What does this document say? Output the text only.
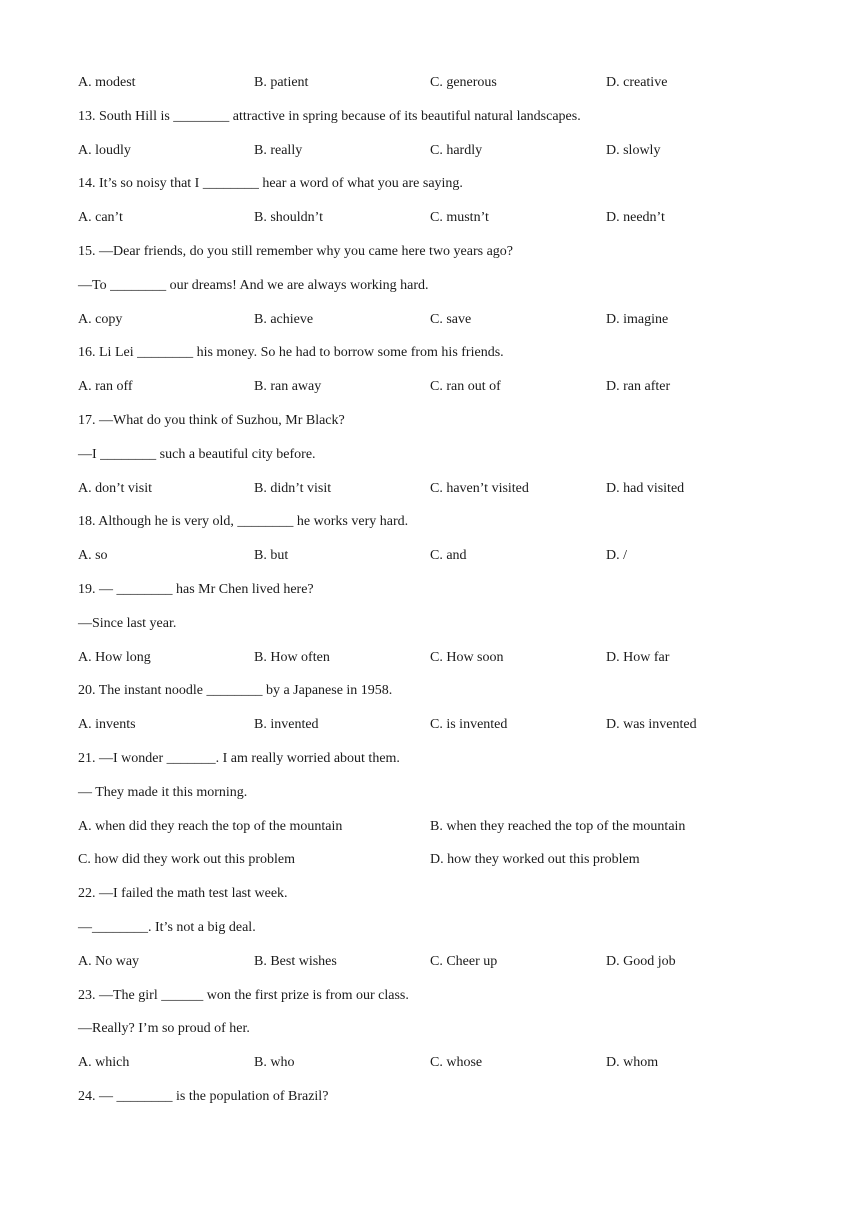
A. modest	B. patient	C. generous	D. creative
13. South Hill is ________ attractive in spring because of its beautiful natural landscapes.
A. loudly	B. really	C. hardly	D. slowly
14. It’s so noisy that I ________ hear a word of what you are saying.
A. can’t	B. shouldn’t	C. mustn’t	D. needn’t
15. —Dear friends, do you still remember why you came here two years ago?
—To ________ our dreams! And we are always working hard.
A. copy	B. achieve	C. save	D. imagine
16. Li Lei ________ his money. So he had to borrow some from his friends.
A. ran off	B. ran away	C. ran out of	D. ran after
17. —What do you think of Suzhou, Mr Black?
—I ________ such a beautiful city before.
A. don’t visit	B. didn’t visit	C. haven’t visited	D. had visited
18. Although he is very old, ________ he works very hard.
A. so	B. but	C. and	D. /
19. — ________ has Mr Chen lived here?
—Since last year.
A. How long	B. How often	C. How soon	D. How far
20. The instant noodle ________ by a Japanese in 1958.
A. invents	B. invented	C. is invented	D. was invented
21. —I wonder _______. I am really worried about them.
— They made it this morning.
A. when did they reach the top of the mountain	B. when they reached the top of the mountain
C. how did they work out this problem	D. how they worked out this problem
22. —I failed the math test last week.
—________. It’s not a big deal.
A. No way	B. Best wishes	C. Cheer up	D. Good job
23. —The girl ______ won the first prize is from our class.
—Really? I’m so proud of her.
A. which	B. who	C. whose	D. whom
24. — ________ is the population of Brazil?
